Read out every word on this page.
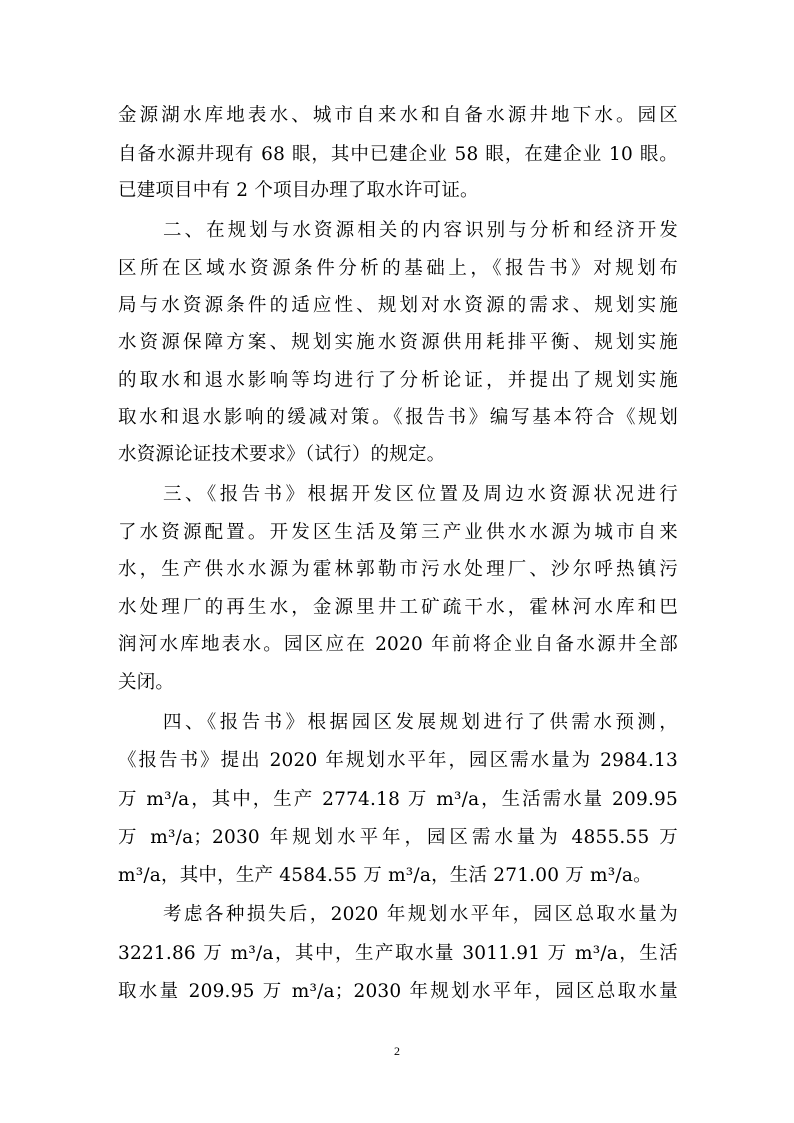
金源湖水库地表水、城市自来水和自备水源井地下水。园区
自备水源井现有 68 眼，其中已建企业 58 眼，在建企业 10 眼。
已建项目中有 2 个项目办理了取水许可证。
二、在规划与水资源相关的内容识别与分析和经济开发
区所在区域水资源条件分析的基础上，《报告书》对规划布
局与水资源条件的适应性、规划对水资源的需求、规划实施
水资源保障方案、规划实施水资源供用耗排平衡、规划实施
的取水和退水影响等均进行了分析论证，并提出了规划实施
取水和退水影响的缓减对策。《报告书》编写基本符合《规划
水资源论证技术要求》（试行）的规定。
三、《报告书》根据开发区位置及周边水资源状况进行
了水资源配置。开发区生活及第三产业供水水源为城市自来
水，生产供水水源为霍林郭勒市污水处理厂、沙尔呼热镇污
水处理厂的再生水，金源里井工矿疏干水，霍林河水库和巴
润河水库地表水。园区应在 2020 年前将企业自备水源井全部
关闭。
四、《报告书》根据园区发展规划进行了供需水预测，
《报告书》提出 2020 年规划水平年，园区需水量为 2984.13
万 m³/a，其中，生产 2774.18 万 m³/a，生活需水量 209.95
万 m³/a；2030 年规划水平年，园区需水量为 4855.55 万
m³/a，其中，生产 4584.55 万 m³/a，生活 271.00 万 m³/a。
考虑各种损失后，2020 年规划水平年，园区总取水量为
3221.86 万 m³/a，其中，生产取水量 3011.91 万 m³/a，生活
取水量 209.95 万 m³/a；2030 年规划水平年，园区总取水量
2
